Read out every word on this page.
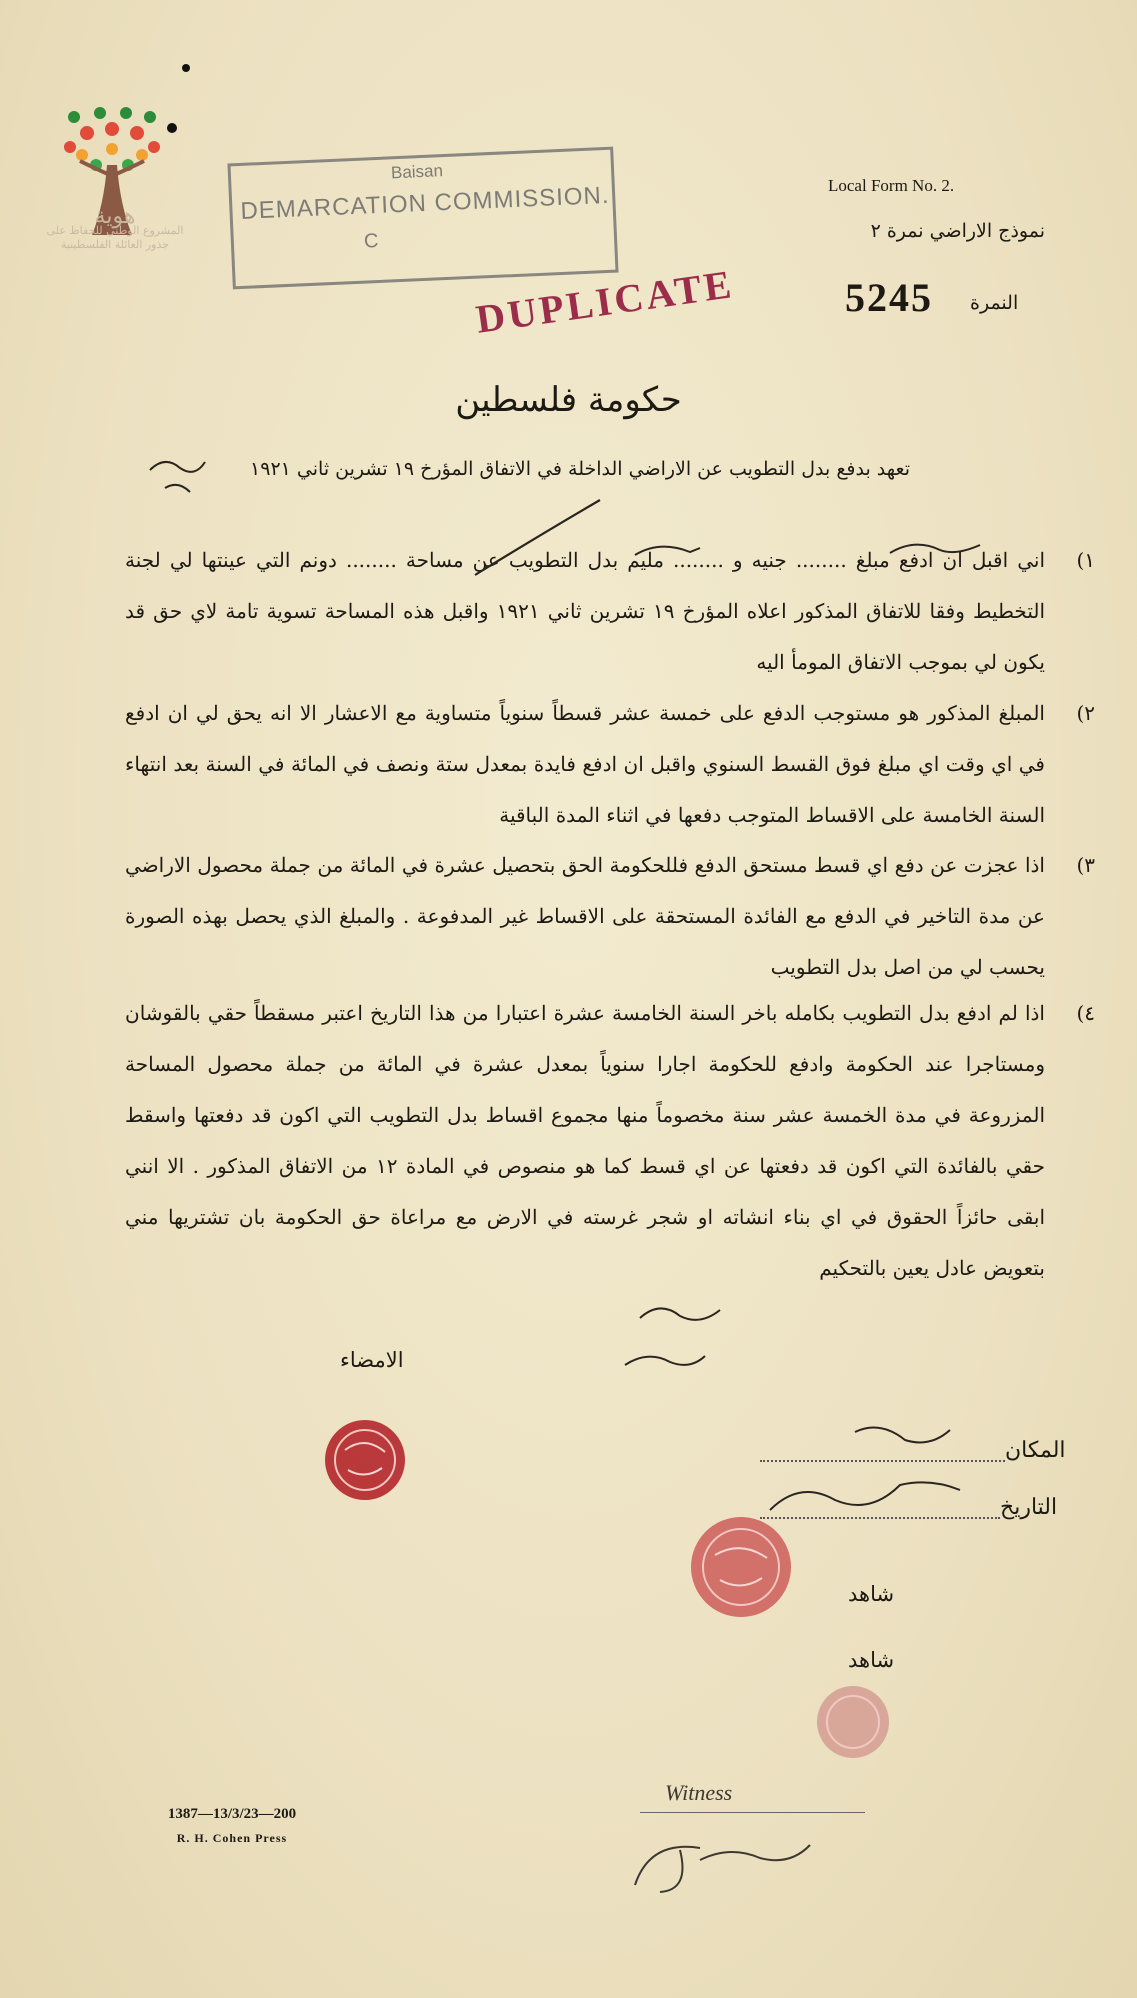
هوية
المشروع الوطني للحفاظ على جذور العائلة الفلسطينية
Baisan
DEMARCATION COMMISSION.
C
DUPLICATE
Local Form No. 2.
نموذج الاراضي نمرة ٢
النمرة
5245
حكومة فلسطين
تعهد بدفع بدل التطويب عن الاراضي الداخلة في الاتفاق المؤرخ ١٩ تشرين ثاني ١٩٢١
١)
اني اقبل ان ادفع مبلغ ........ جنيه و ........ مليم بدل التطويب عن مساحة ........ دونم التي عينتها لي لجنة التخطيط وفقا للاتفاق المذكور اعلاه المؤرخ ١٩ تشرين ثاني ١٩٢١ واقبل هذه المساحة تسوية تامة لاي حق قد يكون لي بموجب الاتفاق المومأ اليه
٢)
المبلغ المذكور هو مستوجب الدفع على خمسة عشر قسطاً سنوياً متساوية مع الاعشار الا انه يحق لي ان ادفع في اي وقت اي مبلغ فوق القسط السنوي واقبل ان ادفع فايدة بمعدل ستة ونصف في المائة في السنة بعد انتهاء السنة الخامسة على الاقساط المتوجب دفعها في اثناء المدة الباقية
٣)
اذا عجزت عن دفع اي قسط مستحق الدفع فللحكومة الحق بتحصيل عشرة في المائة من جملة محصول الاراضي عن مدة التاخير في الدفع مع الفائدة المستحقة على الاقساط غير المدفوعة . والمبلغ الذي يحصل بهذه الصورة يحسب لي من اصل بدل التطويب
٤)
اذا لم ادفع بدل التطويب بكامله باخر السنة الخامسة عشرة اعتبارا من هذا التاريخ اعتبر مسقطاً حقي بالقوشان ومستاجرا عند الحكومة وادفع للحكومة اجارا سنوياً بمعدل عشرة في المائة من جملة محصول المساحة المزروعة في مدة الخمسة عشر سنة مخصوماً منها مجموع اقساط بدل التطويب التي اكون قد دفعتها واسقط حقي بالفائدة التي اكون قد دفعتها عن اي قسط كما هو منصوص في المادة ١٢ من الاتفاق المذكور . الا انني ابقى حائزاً الحقوق في اي بناء انشاته او شجر غرسته في الارض مع مراعاة حق الحكومة بان تشتريها مني بتعويض عادل يعين بالتحكيم
الامضاء
المكان
التاريخ
شاهد
شاهد
Witness
1387—13/3/23—200
R. H. Cohen Press
